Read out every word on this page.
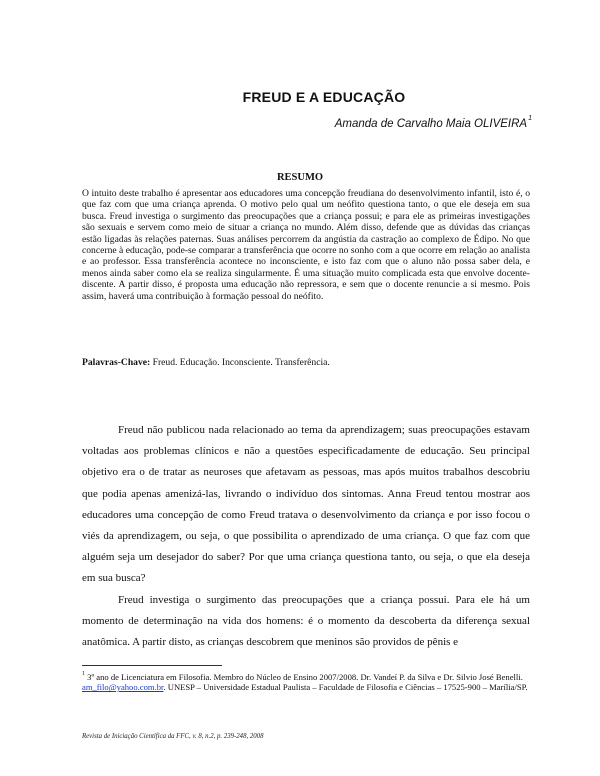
FREUD E A EDUCAÇÃO
Amanda de Carvalho Maia OLIVEIRA$^1$
RESUMO

O intuito deste trabalho é apresentar aos educadores uma concepção freudiana do desenvolvimento infantil, isto é, o que faz com que uma criança aprenda. O motivo pelo qual um neófito questiona tanto, o que ele deseja em sua busca. Freud investiga o surgimento das preocupações que a criança possui; e para ele as primeiras investigações são sexuais e servem como meio de situar a criança no mundo. Além disso, defende que as dúvidas das crianças estão ligadas às relações paternas. Suas análises percorrem da angústia da castração ao complexo de Édipo. No que concerne à educação, pode-se comparar a transferência que ocorre no sonho com a que ocorre em relação ao analista e ao professor. Essa transferência acontece no inconsciente, e isto faz com que o aluno não possa saber dela, e menos ainda saber como ela se realiza singularmente. É uma situação muito complicada esta que envolve docente-discente. A partir disso, é proposta uma educação não repressora, e sem que o docente renuncie a si mesmo. Pois assim, haverá uma contribuição à formação pessoal do neófito.

Palavras-Chave: Freud. Educação. Inconsciente. Transferência.

Freud não publicou nada relacionado ao tema da aprendizagem; suas preocupações estavam voltadas aos problemas clínicos e não a questões especificadamente de educação. Seu principal objetivo era o de tratar as neuroses que afetavam as pessoas, mas após muitos trabalhos descobriu que podia apenas amenizá-las, livrando o indivíduo dos sintomas. Anna Freud tentou mostrar aos educadores uma concepção de como Freud tratava o desenvolvimento da criança e por isso focou o viés da aprendizagem, ou seja, o que possibilita o aprendizado de uma criança. O que faz com que alguém seja um desejador do saber? Por que uma criança questiona tanto, ou seja, o que ela deseja em sua busca?

Freud investiga o surgimento das preocupações que a criança possui. Para ele há um momento de determinação na vida dos homens: é o momento da descoberta da diferença sexual anatômica. A partir disto, as crianças descobrem que meninos são providos de pênis e

$^1$ 3º ano de Licenciatura em Filosofia. Membro do Núcleo de Ensino 2007/2008. Dr. Vandeí P. da Silva e Dr. Silvio José Benelli. am_filo@yahoo.com.br. UNESP – Universidade Estadual Paulista – Faculdade de Filosofia e Ciências – 17525-900 – Marília/SP.
Revista de Iniciação Científica da FFC, v. 8, n.2, p. 239-248, 2008
